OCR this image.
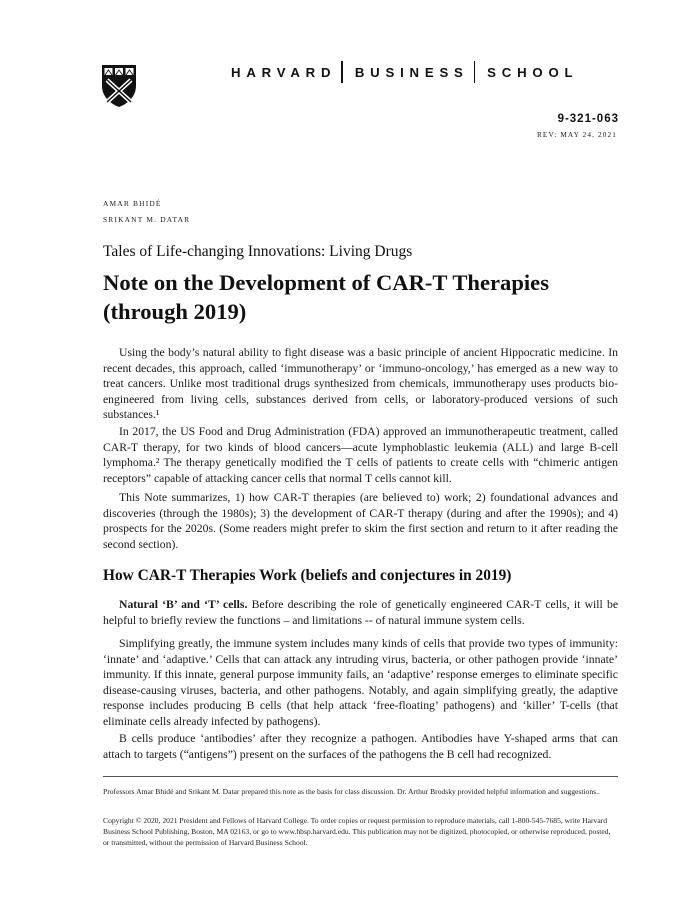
HARVARD BUSINESS SCHOOL
9-321-063
REV: MAY 24, 2021
AMAR BHIDÉ
SRIKANT M. DATAR
Tales of Life-changing Innovations: Living Drugs
Note on the Development of CAR-T Therapies
(through 2019)

Using the body’s natural ability to fight disease was a basic principle of ancient Hippocratic medicine. In recent decades, this approach, called ‘immunotherapy’ or ‘immuno-oncology,’ has emerged as a new way to treat cancers. Unlike most traditional drugs synthesized from chemicals, immunotherapy uses products bio-engineered from living cells, substances derived from cells, or laboratory-produced versions of such substances.¹

In 2017, the US Food and Drug Administration (FDA) approved an immunotherapeutic treatment, called CAR-T therapy, for two kinds of blood cancers—acute lymphoblastic leukemia (ALL) and large B-cell lymphoma.² The therapy genetically modified the T cells of patients to create cells with “chimeric antigen receptors” capable of attacking cancer cells that normal T cells cannot kill.

This Note summarizes, 1) how CAR-T therapies (are believed to) work; 2) foundational advances and discoveries (through the 1980s); 3) the development of CAR-T therapy (during and after the 1990s); and 4) prospects for the 2020s. (Some readers might prefer to skim the first section and return to it after reading the second section).

How CAR-T Therapies Work (beliefs and conjectures in 2019)

Natural ‘B’ and ‘T’ cells. Before describing the role of genetically engineered CAR-T cells, it will be helpful to briefly review the functions – and limitations -- of natural immune system cells.

Simplifying greatly, the immune system includes many kinds of cells that provide two types of immunity: ‘innate’ and ‘adaptive.’ Cells that can attack any intruding virus, bacteria, or other pathogen provide ‘innate’ immunity. If this innate, general purpose immunity fails, an ‘adaptive’ response emerges to eliminate specific disease-causing viruses, bacteria, and other pathogens. Notably, and again simplifying greatly, the adaptive response includes producing B cells (that help attack ‘free-floating’ pathogens) and ‘killer’ T-cells (that eliminate cells already infected by pathogens).

B cells produce ‘antibodies’ after they recognize a pathogen. Antibodies have Y-shaped arms that can attach to targets (“antigens”) present on the surfaces of the pathogens the B cell had recognized.

Professors Amar Bhidé and Srikant M. Datar prepared this note as the basis for class discussion. Dr. Arthur Brodsky provided helpful information and suggestions..

Copyright © 2020, 2021 President and Fellows of Harvard College. To order copies or request permission to reproduce materials, call 1-800-545-7685, write Harvard Business School Publishing, Boston, MA 02163, or go to www.hbsp.harvard.edu. This publication may not be digitized, photocopied, or otherwise reproduced, posted, or transmitted, without the permission of Harvard Business School.
